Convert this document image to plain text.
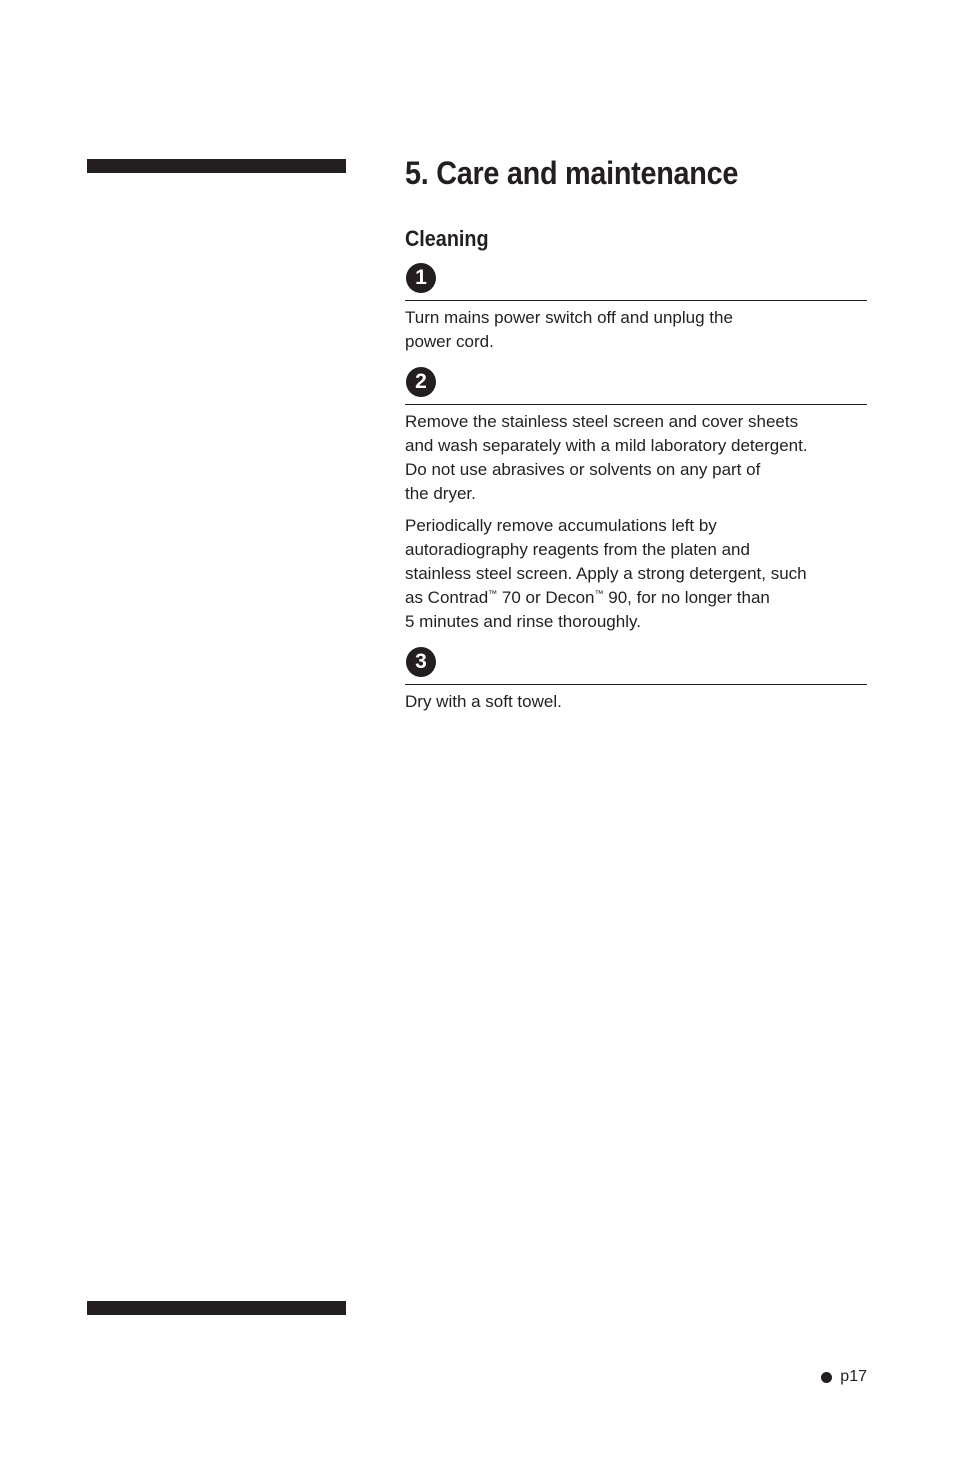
5. Care and maintenance
Cleaning
1

Turn mains power switch off and unplug the
power cord.

2

Remove the stainless steel screen and cover sheets
and wash separately with a mild laboratory detergent.
Do not use abrasives or solvents on any part of
the dryer.

Periodically remove accumulations left by
autoradiography reagents from the platen and
stainless steel screen. Apply a strong detergent, such
as Contrad™ 70 or Decon™ 90, for no longer than
5 minutes and rinse thoroughly.

3

Dry with a soft towel.

p17
